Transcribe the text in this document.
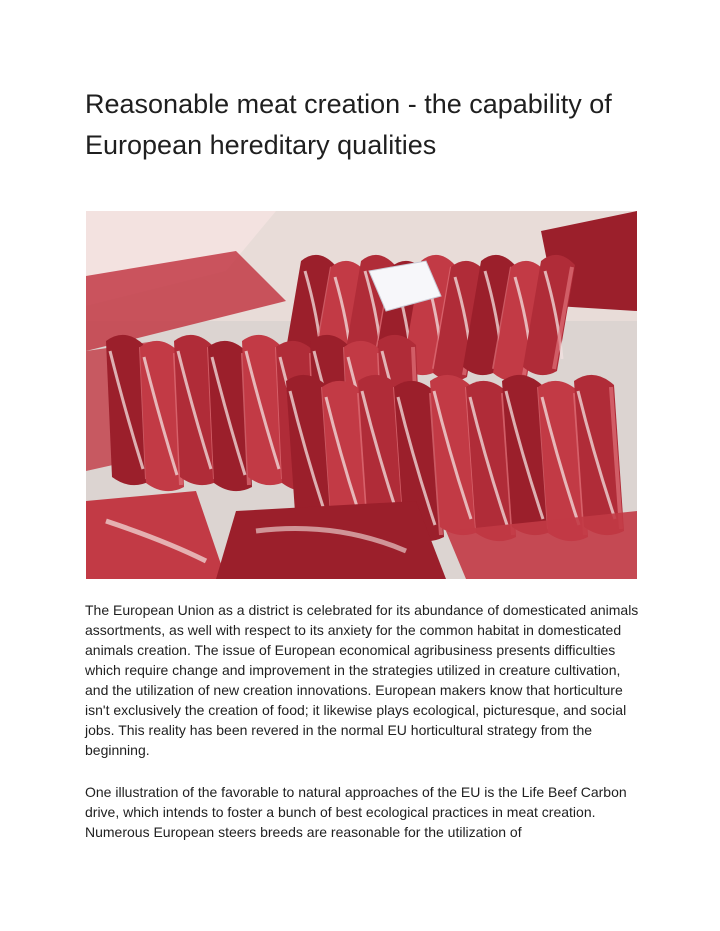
Reasonable meat creation - the capability of European hereditary qualities

The European Union as a district is celebrated for its abundance of domesticated animals assortments, as well with respect to its anxiety for the common habitat in domesticated animals creation. The issue of European economical agribusiness presents difficulties which require change and improvement in the strategies utilized in creature cultivation, and the utilization of new creation innovations. European makers know that horticulture isn't exclusively the creation of food; it likewise plays ecological, picturesque, and social jobs. This reality has been revered in the normal EU horticultural strategy from the beginning.

One illustration of the favorable to natural approaches of the EU is the Life Beef Carbon drive, which intends to foster a bunch of best ecological practices in meat creation. Numerous European steers breeds are reasonable for the utilization of
